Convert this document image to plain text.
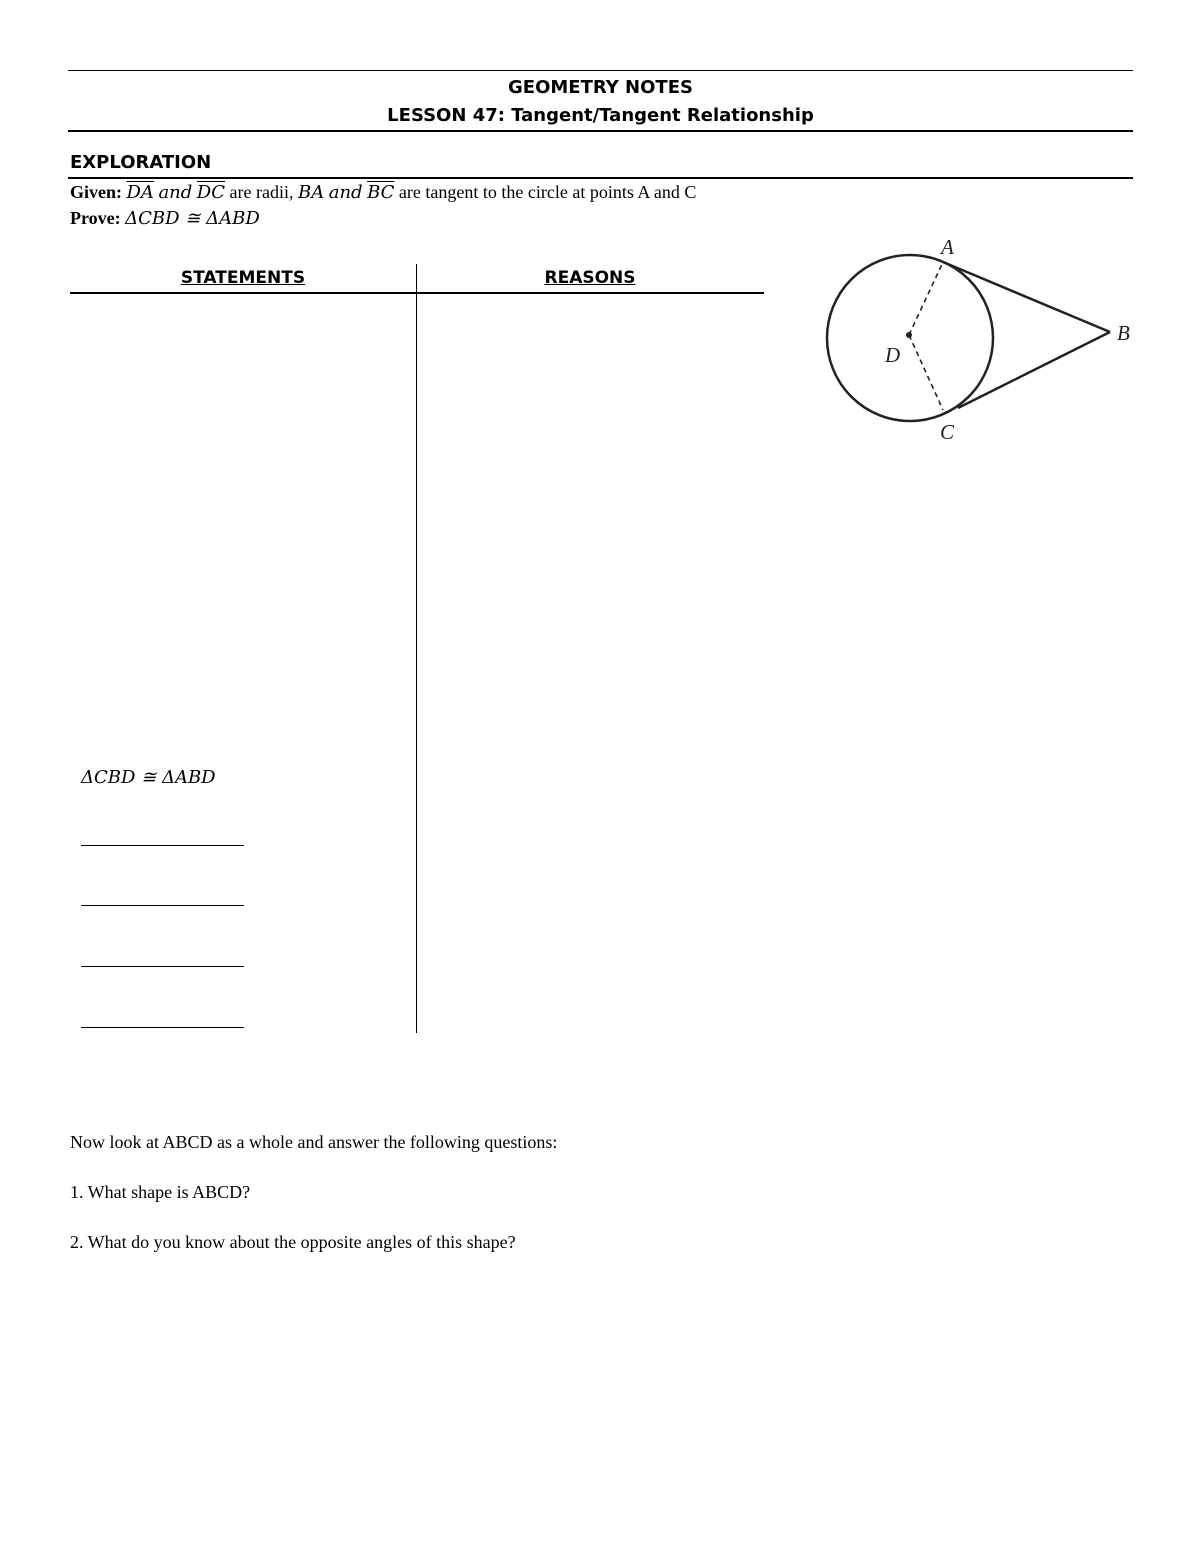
GEOMETRY NOTES
LESSON 47: Tangent/Tangent Relationship
EXPLORATION
Given: $\overline{DA}$ and $\overline{DC}$ are radii, BA and $\overline{BC}$ are tangent to the circle at points A and C
Prove: ΔCBD ≅ ΔABD
STATEMENTS	REASONS
ΔCBD ≅ ΔABD
A
B
C
D
Now look at ABCD as a whole and answer the following questions:
1. What shape is ABCD?
2. What do you know about the opposite angles of this shape?
